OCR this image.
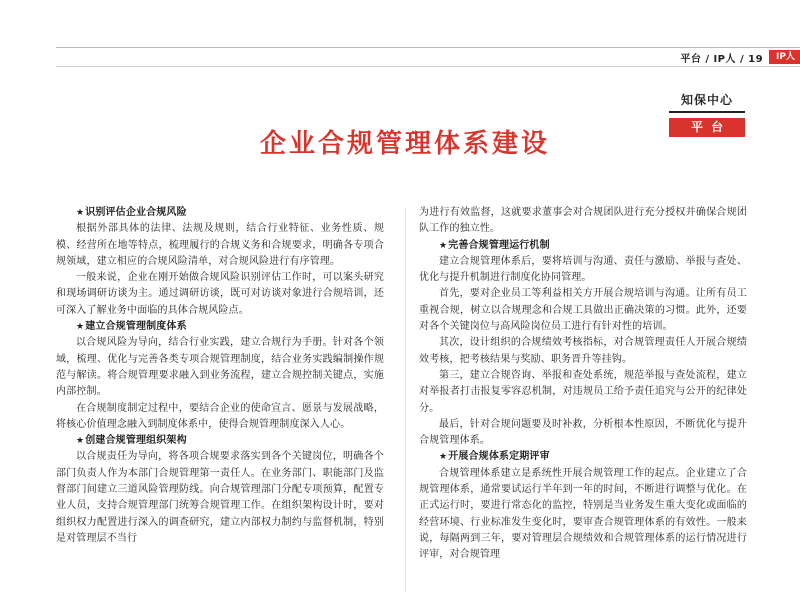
平台 / IP人 / 19	IP人
知保中心
平台
企业合规管理体系建设
★识别评估企业合规风险
根据外部具体的法律、法规及规则，结合行业特征、业务性质、规模、经营所在地等特点，梳理履行的合规义务和合规要求，明确各专项合规领域，建立相应的合规风险清单，对合规风险进行有序管理。
一般来说，企业在刚开始做合规风险识别评估工作时，可以案头研究和现场调研访谈为主。通过调研访谈，既可对访谈对象进行合规培训，还可深入了解业务中面临的具体合规风险点。
★建立合规管理制度体系
以合规风险为导向，结合行业实践，建立合规行为手册。针对各个领域，梳理、优化与完善各类专项合规管理制度，结合业务实践编制操作规范与解读。将合规管理要求融入到业务流程，建立合规控制关键点，实施内部控制。
在合规制度制定过程中，要结合企业的使命宣言、愿景与发展战略，将核心价值理念融入到制度体系中，使得合规管理制度深入人心。
★创建合规管理组织架构
以合规责任为导向，将各项合规要求落实到各个关键岗位，明确各个部门负责人作为本部门合规管理第一责任人。在业务部门、职能部门及监督部门间建立三道风险管理防线。向合规管理部门分配专项预算，配置专业人员，支持合规管理部门统筹合规管理工作。在组织架构设计时，要对组织权力配置进行深入的调查研究，建立内部权力制约与监督机制，特别是对管理层不当行
为进行有效监督，这就要求董事会对合规团队进行充分授权并确保合规团队工作的独立性。
★完善合规管理运行机制
建立合规管理体系后，要将培训与沟通、责任与激励、举报与查处、优化与提升机制进行制度化协同管理。
首先，要对企业员工等利益相关方开展合规培训与沟通。让所有员工重视合规，树立以合规理念和合规工具做出正确决策的习惯。此外，还要对各个关键岗位与高风险岗位员工进行有针对性的培训。
其次，设计组织的合规绩效考核指标，对合规管理责任人开展合规绩效考核，把考核结果与奖励、职务晋升等挂钩。
第三，建立合规咨询、举报和查处系统，规范举报与查处流程，建立对举报者打击报复零容忍机制，对违规员工给予责任追究与公开的纪律处分。
最后，针对合规问题要及时补救，分析根本性原因，不断优化与提升合规管理体系。
★开展合规体系定期评审
合规管理体系建立是系统性开展合规管理工作的起点。企业建立了合规管理体系，通常要试运行半年到一年的时间，不断进行调整与优化。在正式运行时，要进行常态化的监控，特别是当业务发生重大变化或面临的经营环境、行业标准发生变化时，要审查合规管理体系的有效性。一般来说，每隔两到三年，要对管理层合规绩效和合规管理体系的运行情况进行评审，对合规管理
